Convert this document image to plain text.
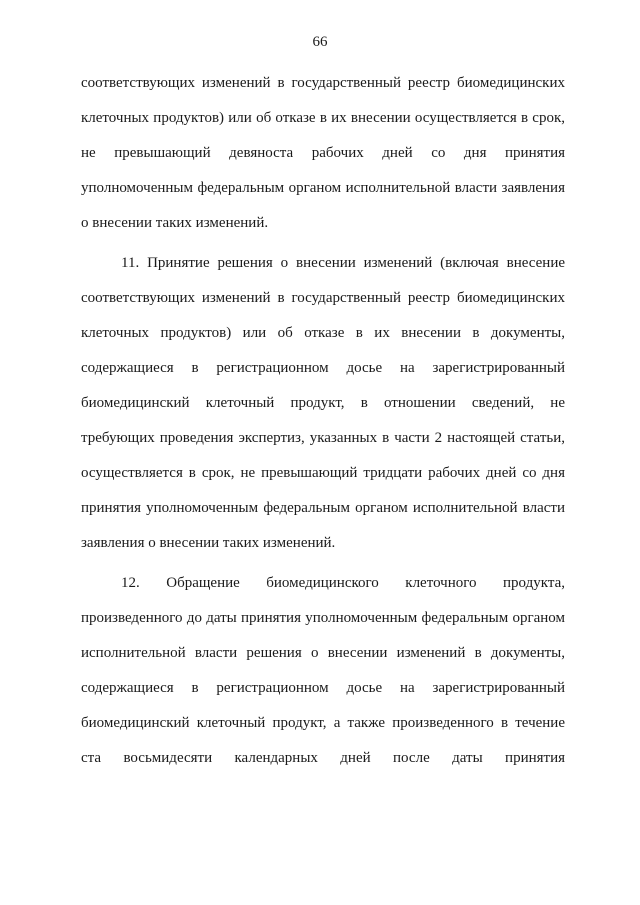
66
соответствующих изменений в государственный реестр биомедицинских
клеточных продуктов) или об отказе в их внесении осуществляется в срок,
не превышающий девяноста рабочих дней со дня принятия
уполномоченным федеральным органом исполнительной власти заявления
о внесении таких изменений.
11. Принятие решения о внесении изменений (включая внесение
соответствующих изменений в государственный реестр биомедицинских
клеточных продуктов) или об отказе в их внесении в документы,
содержащиеся в регистрационном досье на зарегистрированный
биомедицинский клеточный продукт, в отношении сведений, не
требующих проведения экспертиз, указанных в части 2 настоящей статьи,
осуществляется в срок, не превышающий тридцати рабочих дней со дня
принятия уполномоченным федеральным органом исполнительной власти
заявления о внесении таких изменений.
12. Обращение биомедицинского клеточного продукта,
произведенного до даты принятия уполномоченным федеральным органом
исполнительной власти решения о внесении изменений в документы,
содержащиеся в регистрационном досье на зарегистрированный
биомедицинский клеточный продукт, а также произведенного в течение
ста восьмидесяти календарных дней после даты принятия
